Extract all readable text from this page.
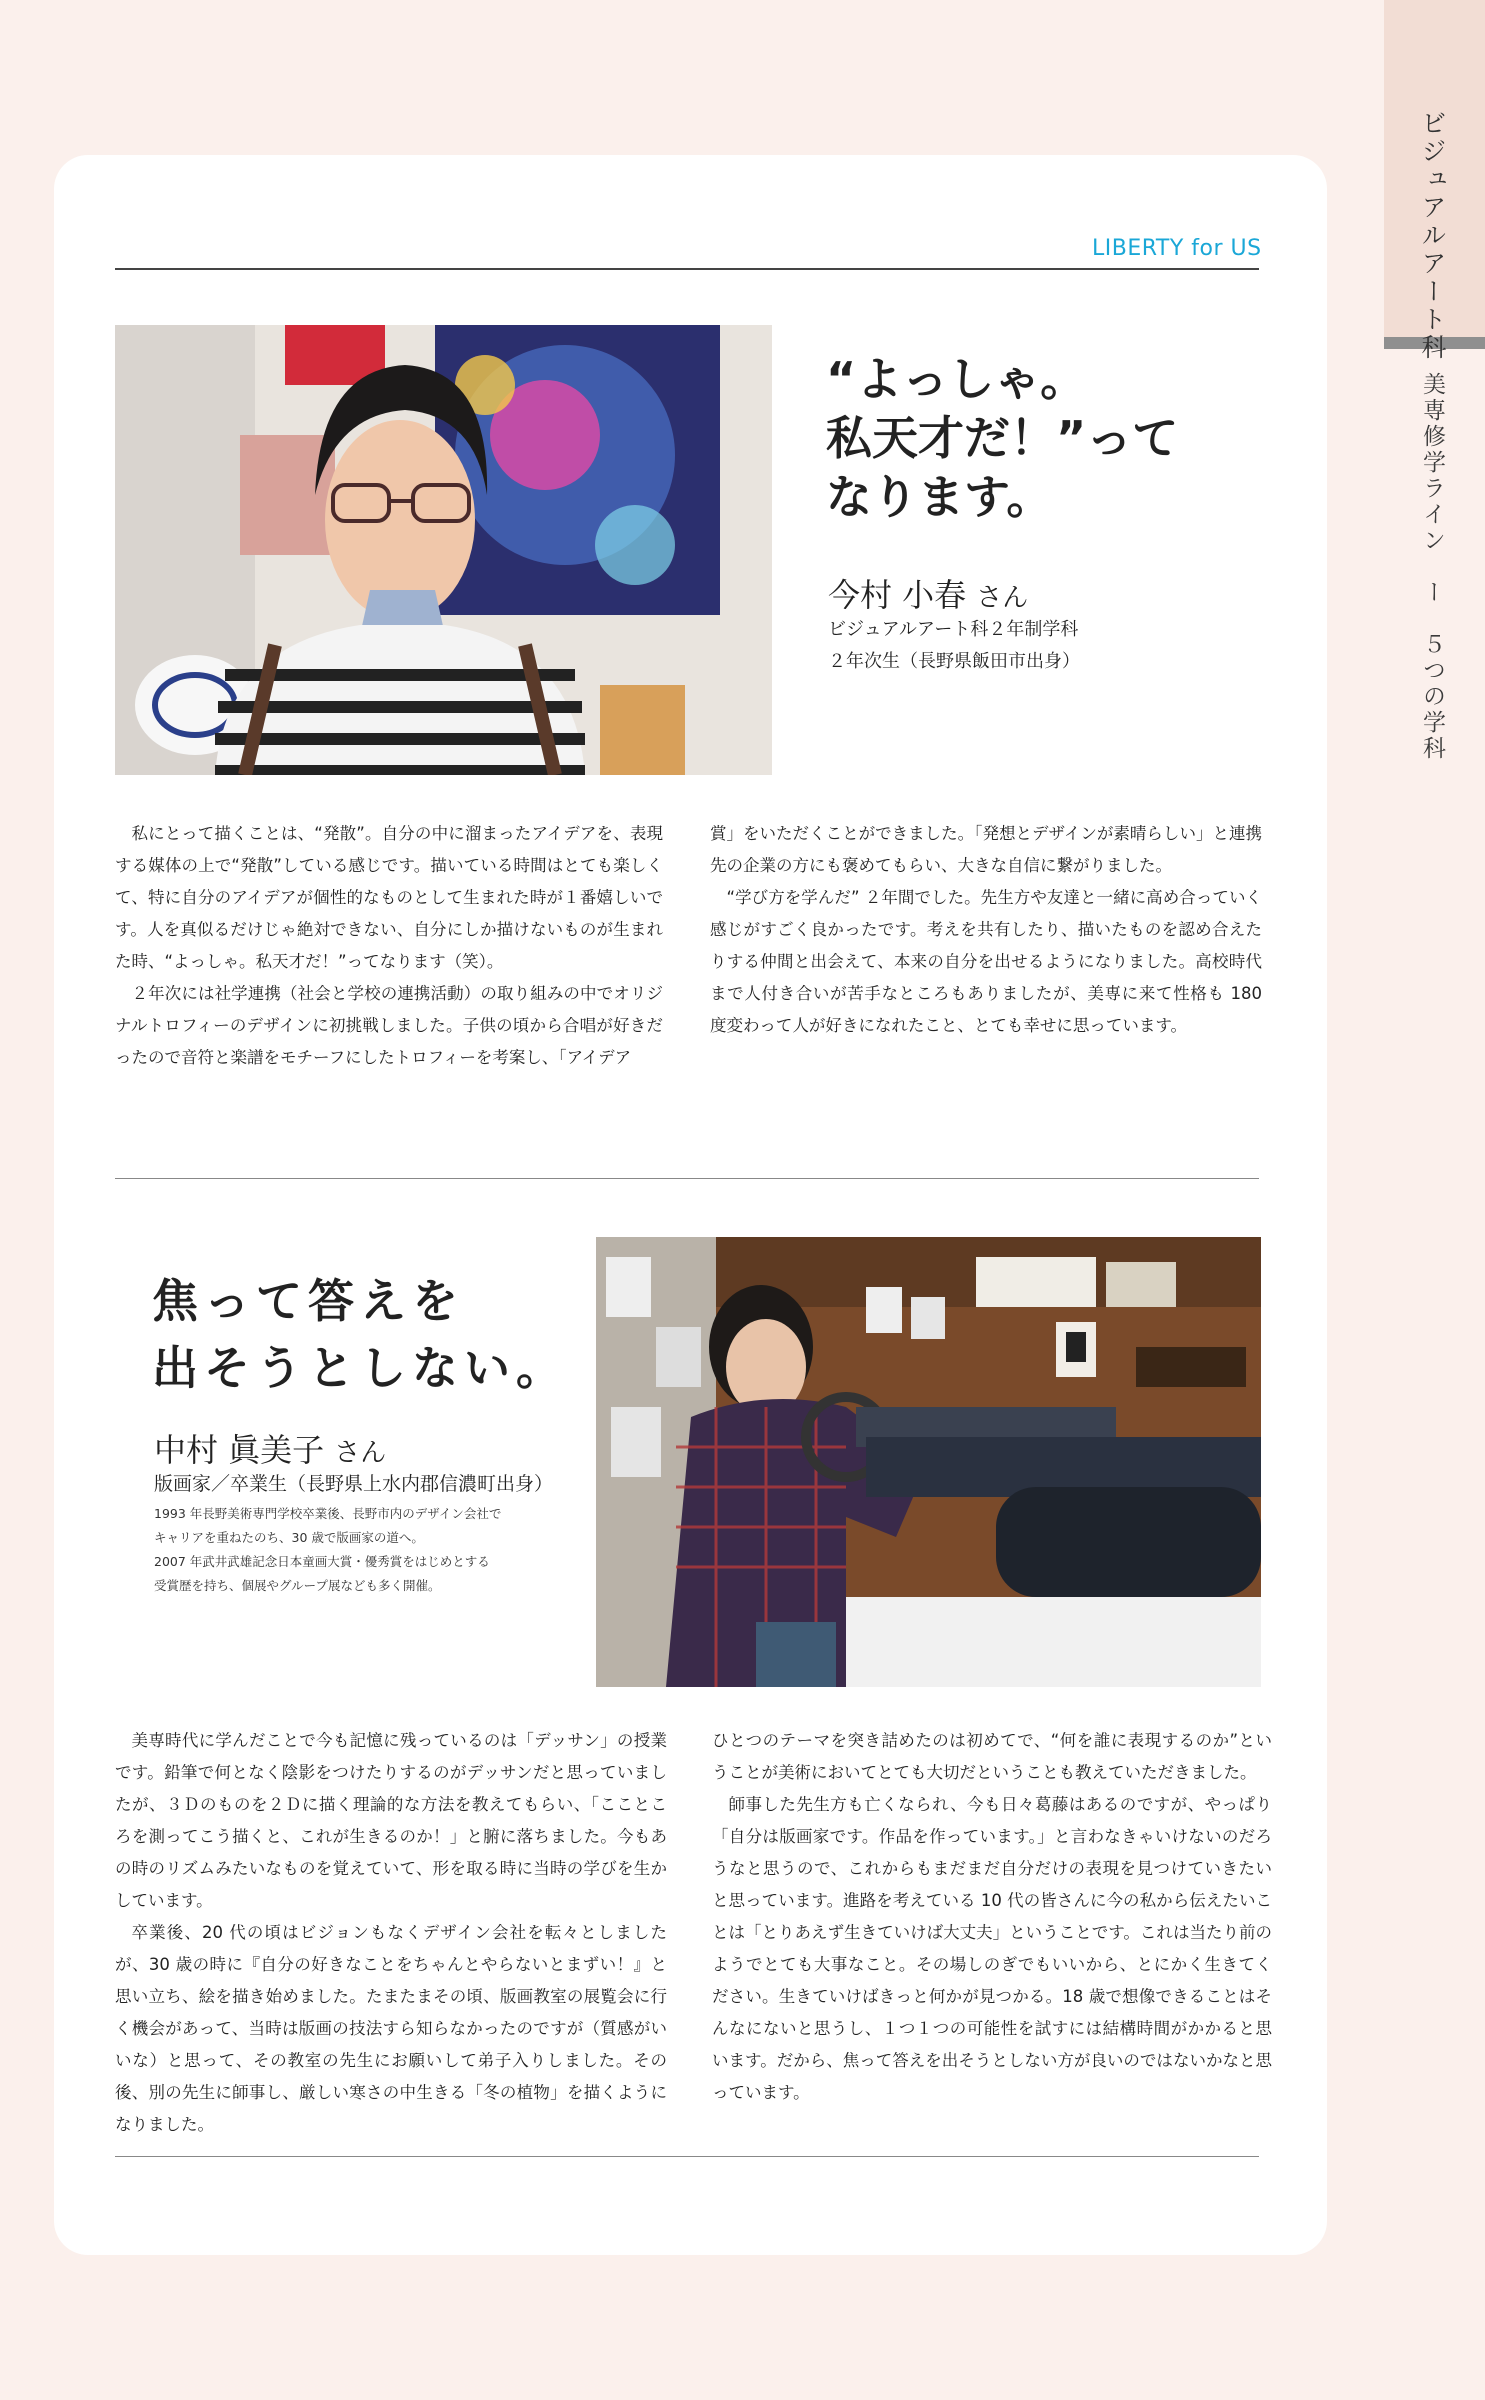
ビジュアルアート科
美専修学ライン　ー　５つの学科
LIBERTY for US
“よっしゃ。
私天才だ！”って
なります。
今村 小春 さん
ビジュアルアート科２年制学科
２年次生（長野県飯田市出身）

私にとって描くことは、“発散”。自分の中に溜まったアイデアを、表現する媒体の上で“発散”している感じです。描いている時間はとても楽しくて、特に自分のアイデアが個性的なものとして生まれた時が１番嬉しいです。人を真似るだけじゃ絶対できない、自分にしか描けないものが生まれた時、“よっしゃ。私天才だ！”ってなります（笑）。

２年次には社学連携（社会と学校の連携活動）の取り組みの中でオリジナルトロフィーのデザインに初挑戦しました。子供の頃から合唱が好きだったので音符と楽譜をモチーフにしたトロフィーを考案し、「アイデア

賞」をいただくことができました。「発想とデザインが素晴らしい」と連携先の企業の方にも褒めてもらい、大きな自信に繋がりました。

“学び方を学んだ” ２年間でした。先生方や友達と一緒に高め合っていく感じがすごく良かったです。考えを共有したり、描いたものを認め合えたりする仲間と出会えて、本来の自分を出せるようになりました。高校時代まで人付き合いが苦手なところもありましたが、美専に来て性格も 180 度変わって人が好きになれたこと、とても幸せに思っています。

焦って答えを
出そうとしない。
中村 眞美子 さん
版画家／卒業生（長野県上水内郡信濃町出身）
1993 年長野美術専門学校卒業後、長野市内のデザイン会社で
キャリアを重ねたのち、30 歳で版画家の道へ。
2007 年武井武雄記念日本童画大賞・優秀賞をはじめとする
受賞歴を持ち、個展やグループ展なども多く開催。

美専時代に学んだことで今も記憶に残っているのは「デッサン」の授業です。鉛筆で何となく陰影をつけたりするのがデッサンだと思っていましたが、３Ｄのものを２Ｄに描く理論的な方法を教えてもらい、「ここところを測ってこう描くと、これが生きるのか！」と腑に落ちました。今もあの時のリズムみたいなものを覚えていて、形を取る時に当時の学びを生かしています。

卒業後、20 代の頃はビジョンもなくデザイン会社を転々としましたが、30 歳の時に『自分の好きなことをちゃんとやらないとまずい！』と思い立ち、絵を描き始めました。たまたまその頃、版画教室の展覧会に行く機会があって、当時は版画の技法すら知らなかったのですが（質感がいいな）と思って、その教室の先生にお願いして弟子入りしました。その後、別の先生に師事し、厳しい寒さの中生きる「冬の植物」を描くようになりました。

ひとつのテーマを突き詰めたのは初めてで、“何を誰に表現するのか”ということが美術においてとても大切だということも教えていただきました。

師事した先生方も亡くなられ、今も日々葛藤はあるのですが、やっぱり「自分は版画家です。作品を作っています。」と言わなきゃいけないのだろうなと思うので、これからもまだまだ自分だけの表現を見つけていきたいと思っています。進路を考えている 10 代の皆さんに今の私から伝えたいことは「とりあえず生きていけば大丈夫」ということです。これは当たり前のようでとても大事なこと。その場しのぎでもいいから、とにかく生きてください。生きていけばきっと何かが見つかる。18 歳で想像できることはそんなにないと思うし、１つ１つの可能性を試すには結構時間がかかると思います。だから、焦って答えを出そうとしない方が良いのではないかなと思っています。
